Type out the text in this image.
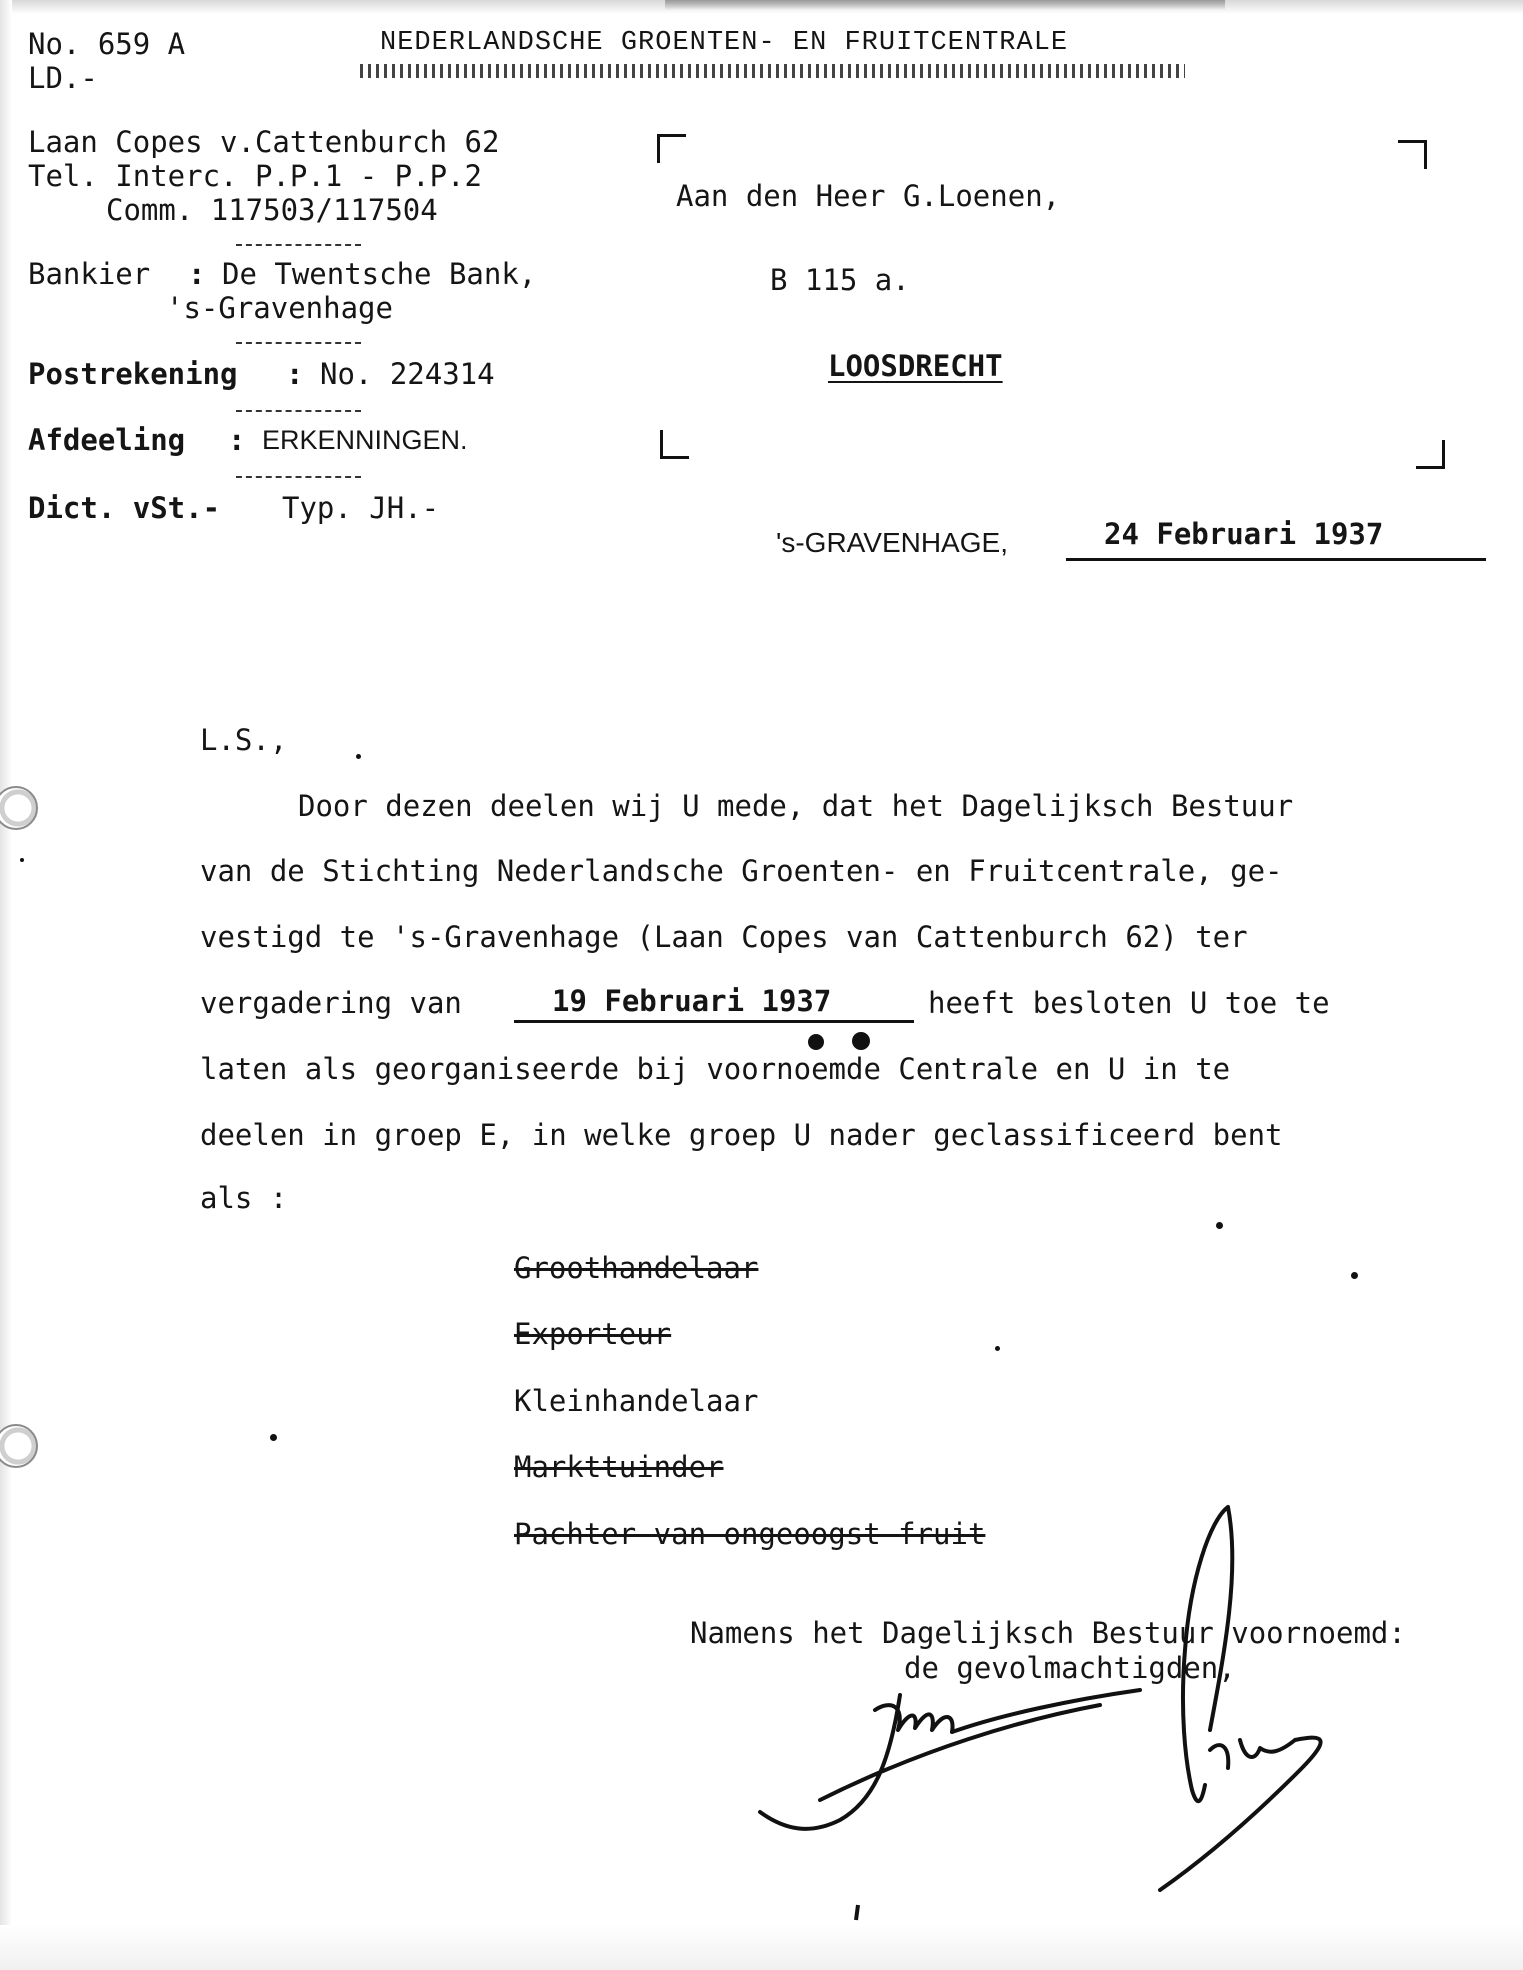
No. 659 A
LD.-
NEDERLANDSCHE GROENTEN- EN FRUITCENTRALE
Laan Copes v.Cattenburch 62
Tel. Interc. P.P.1 - P.P.2
Comm. 117503/117504
Bankier : De Twentsche Bank,
's-Gravenhage
Postrekening : No. 224314
Afdeeling : ERKENNINGEN.
Dict. vSt.- Typ. JH.-
Aan den Heer G.Loenen,
B 115 a.
LOOSDRECHT
's-GRAVENHAGE,	24 Februari 1937
L.S.,
Door dezen deelen wij U mede, dat het Dagelijksch Bestuur
van de Stichting Nederlandsche Groenten- en Fruitcentrale, ge-
vestigd te 's-Gravenhage (Laan Copes van Cattenburch 62) ter
vergadering van	19 Februari 1937	heeft besloten U toe te
laten als georganiseerde bij voornoemde Centrale en U in te
deelen in groep E, in welke groep U nader geclassificeerd bent
als :
Groothandelaar
Exporteur
Kleinhandelaar
Markttuinder
Pachter van ongeoogst fruit
Namens het Dagelijksch Bestuur voornoemd:
de gevolmachtigden,
